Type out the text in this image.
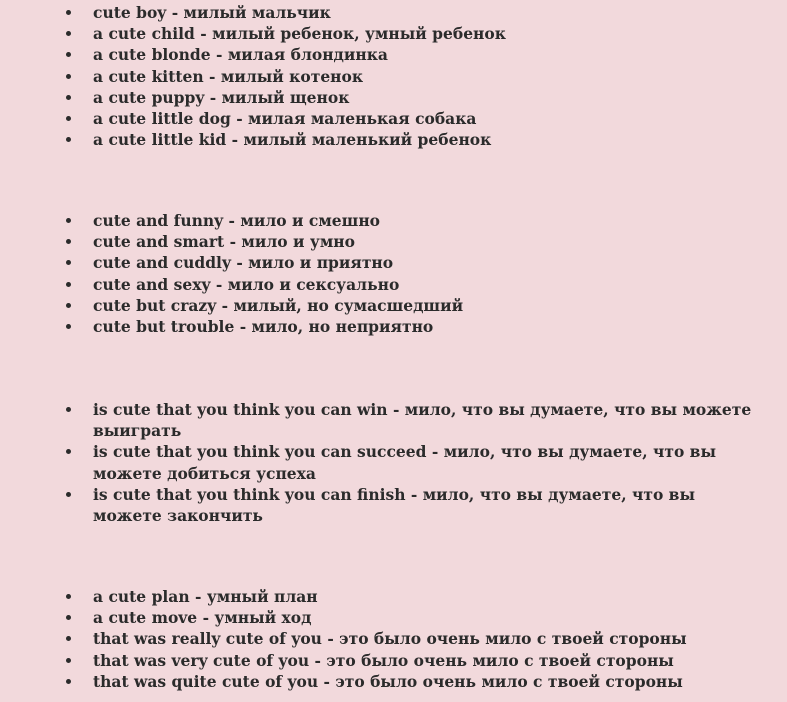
cute boy - милый мальчик
a cute child - милый ребенок, умный ребенок
a cute blonde - милая блондинка
a cute kitten - милый котенок
a cute puppy - милый щенок
a cute little dog - милая маленькая собака
a cute little kid - милый маленький ребенок
cute and funny - мило и смешно
cute and smart - мило и умно
cute and cuddly - мило и приятно
cute and sexy - мило и сексуально
cute but crazy - милый, но сумасшедший
cute but trouble - мило, но неприятно
is cute that you think you can win - мило, что вы думаете, что вы можете выиграть
is cute that you think you can succeed - мило, что вы думаете, что вы можете добиться успеха
is cute that you think you can finish - мило, что вы думаете, что вы можете закончить
a cute plan - умный план
a cute move - умный ход
that was really cute of you - это было очень мило с твоей стороны
that was very cute of you - это было очень мило с твоей стороны
that was quite cute of you - это было очень мило с твоей стороны
